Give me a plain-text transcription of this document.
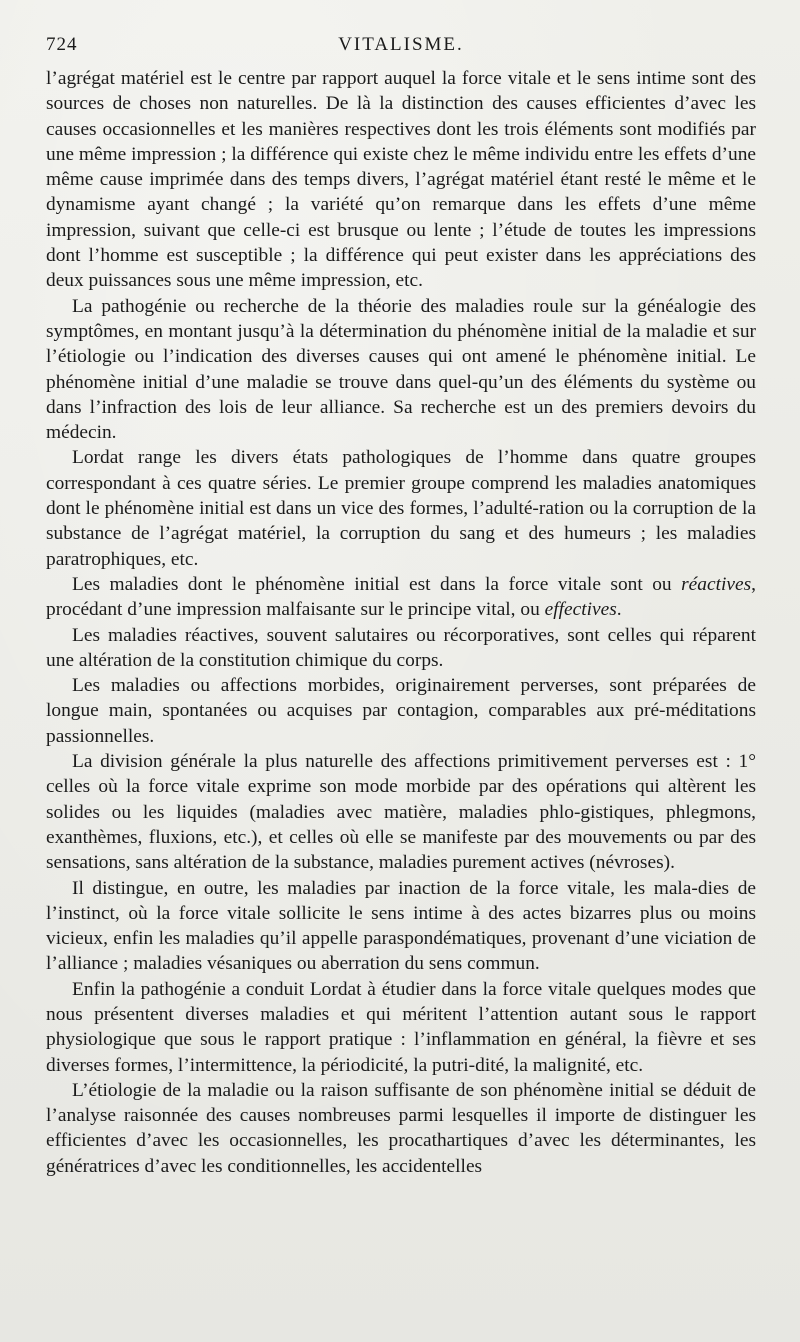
724	VITALISME.

l’agrégat matériel est le centre par rapport auquel la force vitale et le sens intime sont des sources de choses non naturelles. De là la distinction des causes efficientes d’avec les causes occasionnelles et les manières respectives dont les trois éléments sont modifiés par une même impression ; la différence qui existe chez le même individu entre les effets d’une même cause imprimée dans des temps divers, l’agrégat matériel étant resté le même et le dynamisme ayant changé ; la variété qu’on remarque dans les effets d’une même impression, suivant que celle-ci est brusque ou lente ; l’étude de toutes les impressions dont l’homme est susceptible ; la différence qui peut exister dans les appréciations des deux puissances sous une même impression, etc.

La pathogénie ou recherche de la théorie des maladies roule sur la généalogie des symptômes, en montant jusqu’à la détermination du phénomène initial de la maladie et sur l’étiologie ou l’indication des diverses causes qui ont amené le phénomène initial. Le phénomène initial d’une maladie se trouve dans quel-qu’un des éléments du système ou dans l’infraction des lois de leur alliance. Sa recherche est un des premiers devoirs du médecin.

Lordat range les divers états pathologiques de l’homme dans quatre groupes correspondant à ces quatre séries. Le premier groupe comprend les maladies anatomiques dont le phénomène initial est dans un vice des formes, l’adulté-ration ou la corruption de la substance de l’agrégat matériel, la corruption du sang et des humeurs ; les maladies paratrophiques, etc.

Les maladies dont le phénomène initial est dans la force vitale sont ou réactives, procédant d’une impression malfaisante sur le principe vital, ou effectives.

Les maladies réactives, souvent salutaires ou récorporatives, sont celles qui réparent une altération de la constitution chimique du corps.

Les maladies ou affections morbides, originairement perverses, sont préparées de longue main, spontanées ou acquises par contagion, comparables aux pré-méditations passionnelles.

La division générale la plus naturelle des affections primitivement perverses est : 1° celles où la force vitale exprime son mode morbide par des opérations qui altèrent les solides ou les liquides (maladies avec matière, maladies phlo-gistiques, phlegmons, exanthèmes, fluxions, etc.), et celles où elle se manifeste par des mouvements ou par des sensations, sans altération de la substance, maladies purement actives (névroses).

Il distingue, en outre, les maladies par inaction de la force vitale, les mala-dies de l’instinct, où la force vitale sollicite le sens intime à des actes bizarres plus ou moins vicieux, enfin les maladies qu’il appelle paraspondématiques, provenant d’une viciation de l’alliance ; maladies vésaniques ou aberration du sens commun.

Enfin la pathogénie a conduit Lordat à étudier dans la force vitale quelques modes que nous présentent diverses maladies et qui méritent l’attention autant sous le rapport physiologique que sous le rapport pratique : l’inflammation en général, la fièvre et ses diverses formes, l’intermittence, la périodicité, la putri-dité, la malignité, etc.

L’étiologie de la maladie ou la raison suffisante de son phénomène initial se déduit de l’analyse raisonnée des causes nombreuses parmi lesquelles il importe de distinguer les efficientes d’avec les occasionnelles, les procathartiques d’avec les déterminantes, les génératrices d’avec les conditionnelles, les accidentelles
